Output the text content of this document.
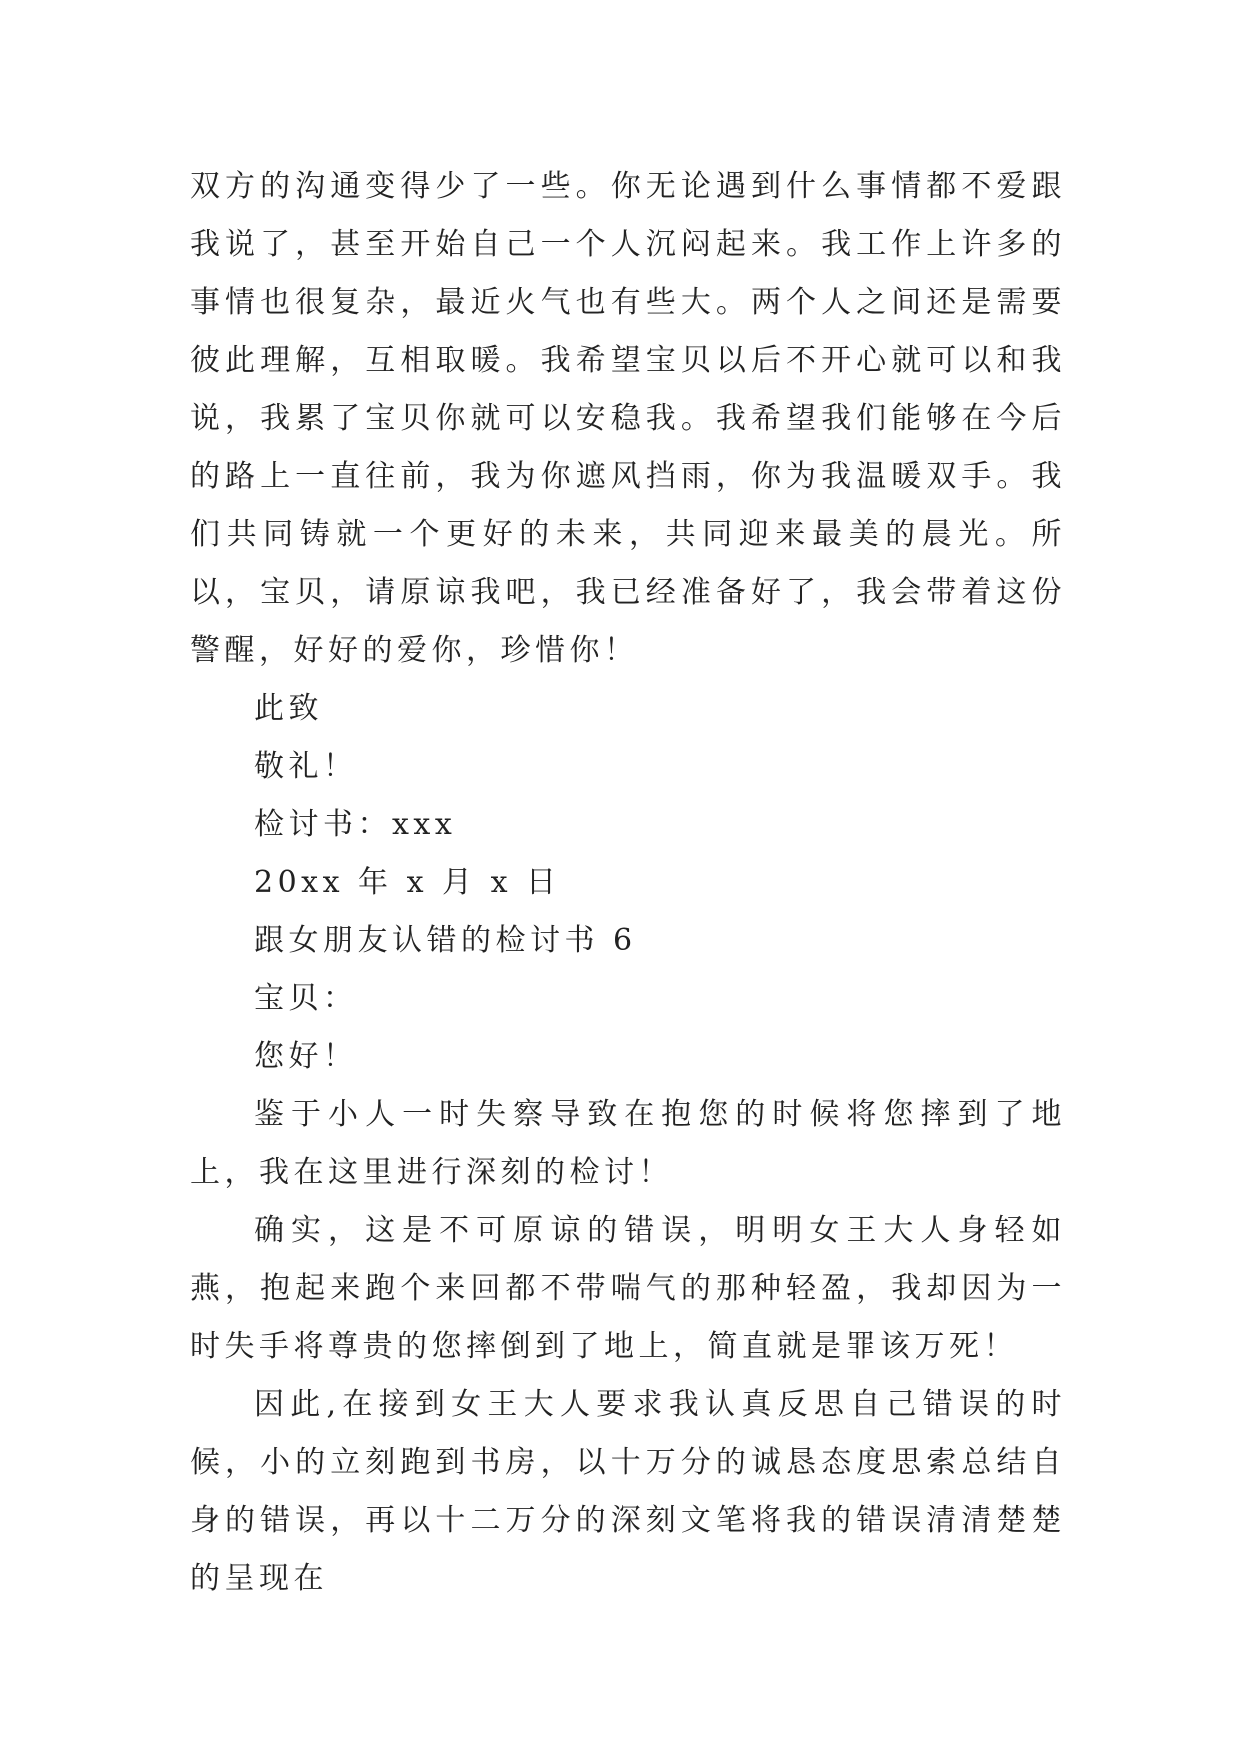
双方的沟通变得少了一些。你无论遇到什么事情都不爱跟我说了，甚至开始自己一个人沉闷起来。我工作上许多的事情也很复杂，最近火气也有些大。两个人之间还是需要彼此理解，互相取暖。我希望宝贝以后不开心就可以和我说，我累了宝贝你就可以安稳我。我希望我们能够在今后的路上一直往前，我为你遮风挡雨，你为我温暖双手。我们共同铸就一个更好的未来，共同迎来最美的晨光。所以，宝贝，请原谅我吧，我已经准备好了，我会带着这份警醒，好好的爱你，珍惜你！

此致

敬礼！

检讨书：xxx

20xx 年 x 月 x 日

跟女朋友认错的检讨书 6

宝贝：

您好！

鉴于小人一时失察导致在抱您的时候将您摔到了地上，我在这里进行深刻的检讨！

确实，这是不可原谅的错误，明明女王大人身轻如燕，抱起来跑个来回都不带喘气的那种轻盈，我却因为一时失手将尊贵的您摔倒到了地上，简直就是罪该万死！

因此,在接到女王大人要求我认真反思自己错误的时候，小的立刻跑到书房，以十万分的诚恳态度思索总结自身的错误，再以十二万分的深刻文笔将我的错误清清楚楚的呈现在
